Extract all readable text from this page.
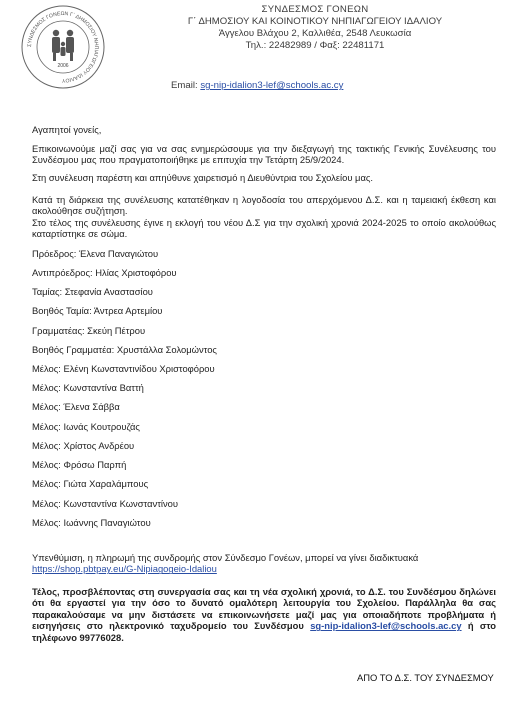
ΣΥΝΔΕΣΜΟΣ ΓΟΝΕΩΝ Γ΄ ΔΗΜΟΣΙΟΥ ΝΗΠΙΑΓΩΓΕΙΟΥ ΙΔΑΛΙΟΥ
2006
ΣΥΝΔΕΣΜΟΣ ΓΟΝΕΩΝ
Γ΄ ΔΗΜΟΣΙΟΥ ΚΑΙ ΚΟΙΝΟΤΙΚΟΥ ΝΗΠΙΑΓΩΓΕΙΟΥ ΙΔΑΛΙΟΥ
Άγγελου Βλάχου 2, Καλλιθέα, 2548 Λευκωσία
Τηλ.: 22482989 / Φαξ: 22481171
Email: sg-nip-idalion3-lef@schools.ac.cy
Αγαπητοί γονείς,
Επικοινωνούμε μαζί σας για να σας ενημερώσουμε για την διεξαγωγή της τακτικής Γενικής Συνέλευσης του Συνδέσμου μας που πραγματοποιήθηκε με επιτυχία την Τετάρτη 25/9/2024.
Στη συνέλευση παρέστη και απηύθυνε χαιρετισμό η Διευθύντρια του Σχολείου μας.
Κατά τη διάρκεια της συνέλευσης κατατέθηκαν η λογοδοσία του απερχόμενου Δ.Σ. και η ταμειακή έκθεση και ακολούθησε συζήτηση.
Στο τέλος της συνέλευσης έγινε η εκλογή του νέου Δ.Σ για την σχολική χρονιά 2024-2025 το οποίο ακολούθως καταρτίστηκε σε σώμα.
Πρόεδρος: Έλενα Παναγιώτου
Αντιπρόεδρος: Ηλίας Χριστοφόρου
Ταμίας: Στεφανία Αναστασίου
Βοηθός Ταμία: Άντρεα Αρτεμίου
Γραμματέας: Σκεύη Πέτρου
Βοηθός Γραμματέα: Χρυστάλλα Σολομώντος
Μέλος: Ελένη Κωνσταντινίδου Χριστοφόρου
Μέλος: Κωνσταντίνα Βαττή
Μέλος: Έλενα Σάββα
Μέλος: Ιωνάς Κουτρουζάς
Μέλος: Χρίστος Ανδρέου
Μέλος: Φρόσω Παρπή
Μέλος: Γιώτα Χαραλάμπους
Μέλος: Κωνσταντίνα Κωνσταντίνου
Μέλος: Ιωάννης Παναγιώτου
Υπενθύμιση, η πληρωμή της συνδρομής στον Σύνδεσμο Γονέων, μπορεί να γίνει διαδικτυακά
https://shop.pbtpay.eu/G-Nipiagogeio-Idaliou
Τέλος, προσβλέποντας στη συνεργασία σας και τη νέα σχολική χρονιά, το Δ.Σ. του Συνδέσμου δηλώνει ότι θα εργαστεί για την όσο το δυνατό ομαλότερη λειτουργία του Σχολείου. Παράλληλα θα σας παρακαλούσαμε να μην διστάσετε να επικοινωνήσετε μαζί μας για οποιαδήποτε προβλήματα ή εισηγήσεις στο ηλεκτρονικό ταχυδρομείο του Συνδέσμου sg-nip-idalion3-lef@schools.ac.cy ή στο τηλέφωνο 99776028.
ΑΠΟ ΤΟ Δ.Σ. ΤΟΥ ΣΥΝΔΕΣΜΟΥ
